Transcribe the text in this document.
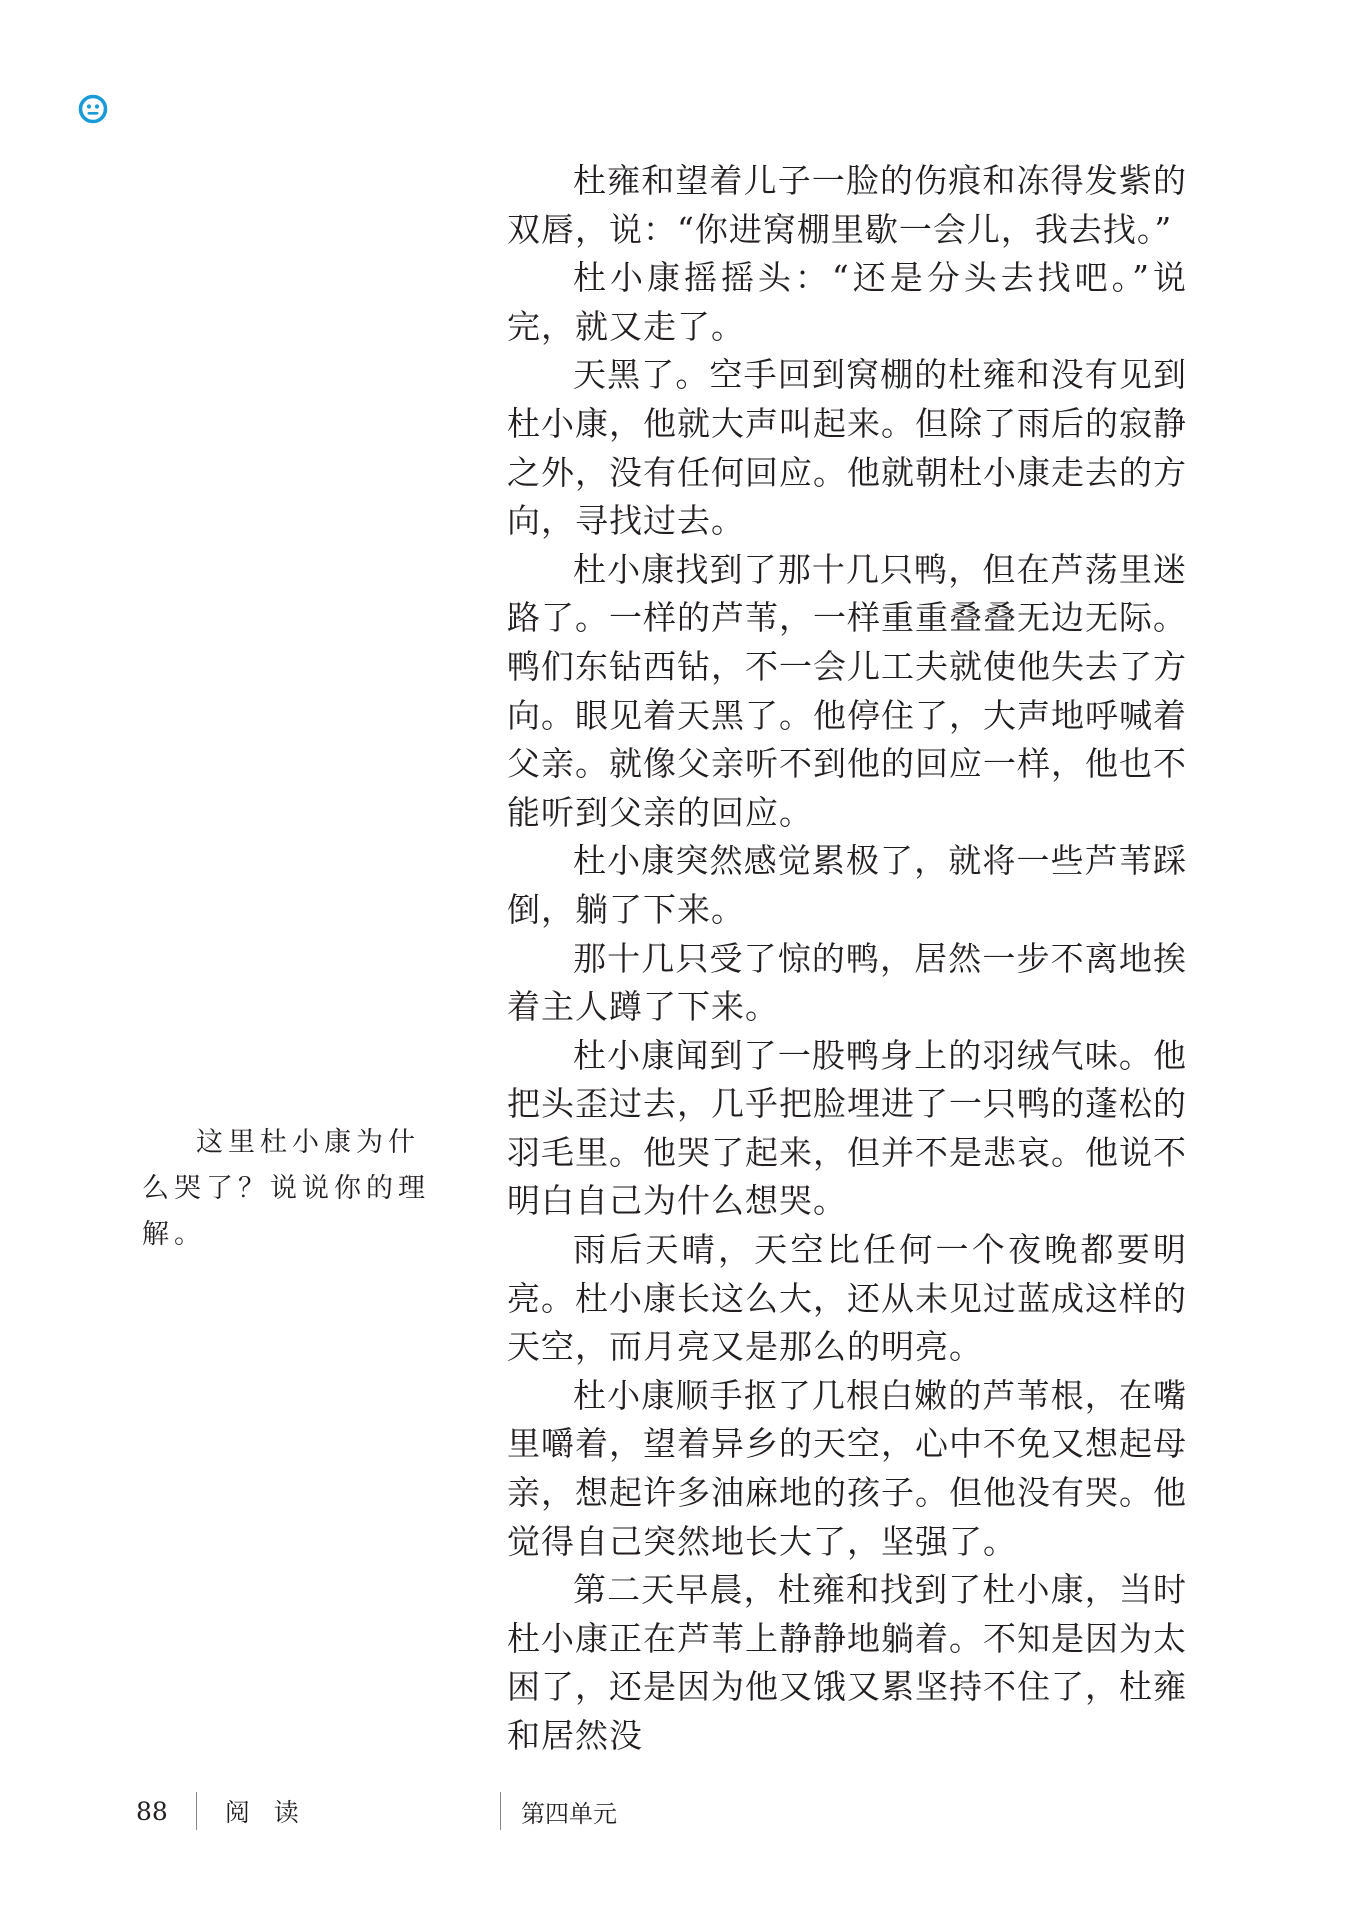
杜雍和望着儿子一脸的伤痕和冻得发紫的双唇，说：“你进窝棚里歇一会儿，我去找。”

杜小康摇摇头：“还是分头去找吧。”说完，就又走了。

天黑了。空手回到窝棚的杜雍和没有见到杜小康，他就大声叫起来。但除了雨后的寂静之外，没有任何回应。他就朝杜小康走去的方向，寻找过去。

杜小康找到了那十几只鸭，但在芦荡里迷路了。一样的芦苇，一样重重叠叠无边无际。鸭们东钻西钻，不一会儿工夫就使他失去了方向。眼见着天黑了。他停住了，大声地呼喊着父亲。就像父亲听不到他的回应一样，他也不能听到父亲的回应。

杜小康突然感觉累极了，就将一些芦苇踩倒，躺了下来。

那十几只受了惊的鸭，居然一步不离地挨着主人蹲了下来。

杜小康闻到了一股鸭身上的羽绒气味。他把头歪过去，几乎把脸埋进了一只鸭的蓬松的羽毛里。他哭了起来，但并不是悲哀。他说不明白自己为什么想哭。

雨后天晴，天空比任何一个夜晚都要明亮。杜小康长这么大，还从未见过蓝成这样的天空，而月亮又是那么的明亮。

杜小康顺手抠了几根白嫩的芦苇根，在嘴里嚼着，望着异乡的天空，心中不免又想起母亲，想起许多油麻地的孩子。但他没有哭。他觉得自己突然地长大了，坚强了。

第二天早晨，杜雍和找到了杜小康，当时杜小康正在芦苇上静静地躺着。不知是因为太困了，还是因为他又饿又累坚持不住了，杜雍和居然没

这里杜小康为什么哭了？说说你的理解。
88 阅 读	第四单元
